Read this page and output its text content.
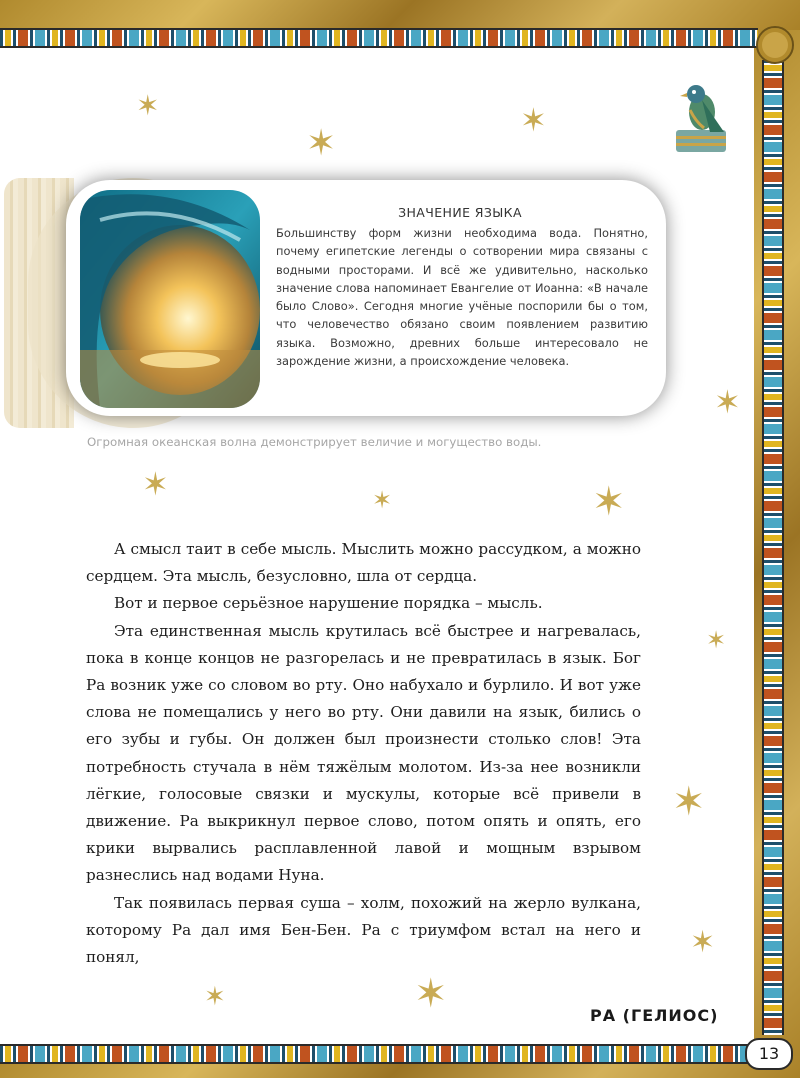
✶	✶
✶
✶
✶	✶	✶
✶
✶
✶
✶	✶
ЗНАЧЕНИЕ ЯЗЫКА
Большинству форм жизни необходима вода. Понятно, почему египетские легенды о сотворении мира связаны с водными просторами. И всё же удивительно, насколько значение слова напоминает Евангелие от Иоанна: «В начале было Слово». Сегодня многие учёные поспорили бы о том, что человечество обязано своим появлением развитию языка. Возможно, древних больше интересовало не зарождение жизни, а происхождение человека.
Огромная океанская волна демонстрирует величие и могущество воды.

А смысл таит в себе мысль. Мыслить можно рассудком, а можно сердцем. Эта мысль, безусловно, шла от сердца.

Вот и первое серьёзное нарушение порядка – мысль.

Эта единственная мысль крутилась всё быстрее и нагревалась, пока в конце концов не разгорелась и не превратилась в язык. Бог Ра возник уже со словом во рту. Оно набухало и бурлило. И вот уже слова не помещались у него во рту. Они давили на язык, бились о его зубы и губы. Он должен был произнести столько слов! Эта потребность стучала в нём тяжёлым молотом. Из-за нее возникли лёгкие, голосовые связки и мускулы, которые всё привели в движение. Ра выкрикнул первое слово, потом опять и опять, его крики вырвались расплавленной лавой и мощным взрывом разнеслись над водами Нуна.

Так появилась первая суша – холм, похожий на жерло вулкана, которому Ра дал имя Бен-Бен. Ра с триумфом встал на него и понял,

РА (ГЕЛИОС)
13
